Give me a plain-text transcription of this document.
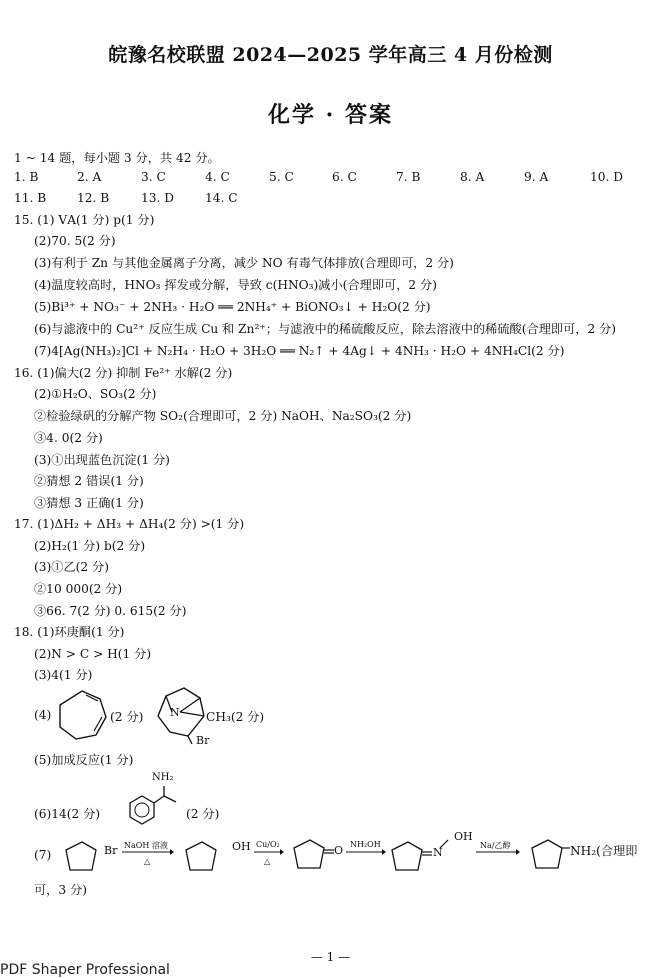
皖豫名校联盟 2024—2025 学年高三 4 月份检测
化学 · 答案
1 ~ 14 题，每小题 3 分，共 42 分。
1. B	2. A	3. C	4. C	5. C	6. C	7. B	8. A	9. A	10. D
11. B	12. B	13. D	14. C
15. (1) ⅤA(1 分) p(1 分)
(2)70. 5(2 分)
(3)有利于 Zn 与其他金属离子分离，减少 NO 有毒气体排放(合理即可，2 分)
(4)温度较高时，HNO₃ 挥发或分解，导致 c(HNO₃)减小(合理即可，2 分)
(5)Bi³⁺ + NO₃⁻ + 2NH₃ · H₂O ══ 2NH₄⁺ + BiONO₃↓ + H₂O(2 分)
(6)与滤液中的 Cu²⁺ 反应生成 Cu 和 Zn²⁺；与滤液中的稀硫酸反应，除去溶液中的稀硫酸(合理即可，2 分)
(7)4[Ag(NH₃)₂]Cl + N₂H₄ · H₂O + 3H₂O ══ N₂↑ + 4Ag↓ + 4NH₃ · H₂O + 4NH₄Cl(2 分)
16. (1)偏大(2 分) 抑制 Fe²⁺ 水解(2 分)
(2)①H₂O、SO₃(2 分)
②检验绿矾的分解产物 SO₂(合理即可，2 分) NaOH、Na₂SO₃(2 分)
③4. 0(2 分)
(3)①出现蓝色沉淀(1 分)
②猜想 2 错误(1 分)
③猜想 3 正确(1 分)
17. (1)ΔH₂ + ΔH₃ + ΔH₄(2 分) >(1 分)
(2)H₂(1 分) b(2 分)
(3)①乙(2 分)
②10 000(2 分)
③66. 7(2 分) 0. 615(2 分)
18. (1)环庚酮(1 分)
(2)N > C > H(1 分)
(3)4(1 分)
(4)	(2 分) N CH₃(2 分)
Br
(5)加成反应(1 分)
(6)14(2 分)
NH₂
(2 分)
(7)	Br NaOH 溶液
△
OH Cu/O₂
△
O NH₂OH
N
OH
Na/乙醇	NH₂(合理即
可，3 分)
— 1 —
PDF Shaper Professional
